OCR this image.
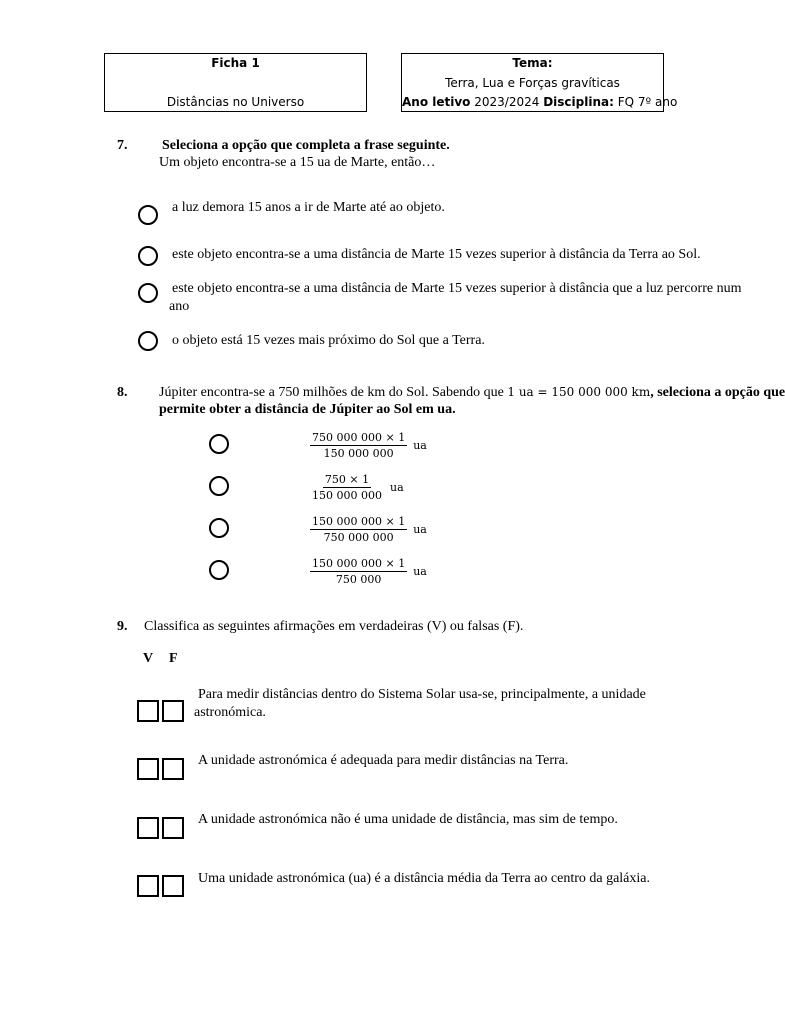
Ficha 1
Distâncias no Universo
Tema:
Terra, Lua e Forças gravíticas
Ano letivo 2023/2024 Disciplina: FQ 7º ano
7. Seleciona a opção que completa a frase seguinte.
Um objeto encontra-se a 15 ua de Marte, então…
a luz demora 15 anos a ir de Marte até ao objeto.
este objeto encontra-se a uma distância de Marte 15 vezes superior à distância da Terra ao Sol.
este objeto encontra-se a uma distância de Marte 15 vezes superior à distância que a luz percorre num
ano
o objeto está 15 vezes mais próximo do Sol que a Terra.
8. Júpiter encontra-se a 750 milhões de km do Sol. Sabendo que 1 ua = 150 000 000 km, seleciona a opção que
permite obter a distância de Júpiter ao Sol em ua.
$\frac{750 000 000 \times 1}{150 000 000}$ ua
$\frac{750 \times 1}{150 000 000}$ ua
$\frac{150 000 000 \times 1}{750 000 000}$ ua
$\frac{150 000 000 \times 1}{750 000}$ ua
9. Classifica as seguintes afirmações em verdadeiras (V) ou falsas (F).
V F
Para medir distâncias dentro do Sistema Solar usa-se, principalmente, a unidade
astronómica.
A unidade astronómica é adequada para medir distâncias na Terra.
A unidade astronómica não é uma unidade de distância, mas sim de tempo.
Uma unidade astronómica (ua) é a distância média da Terra ao centro da galáxia.
